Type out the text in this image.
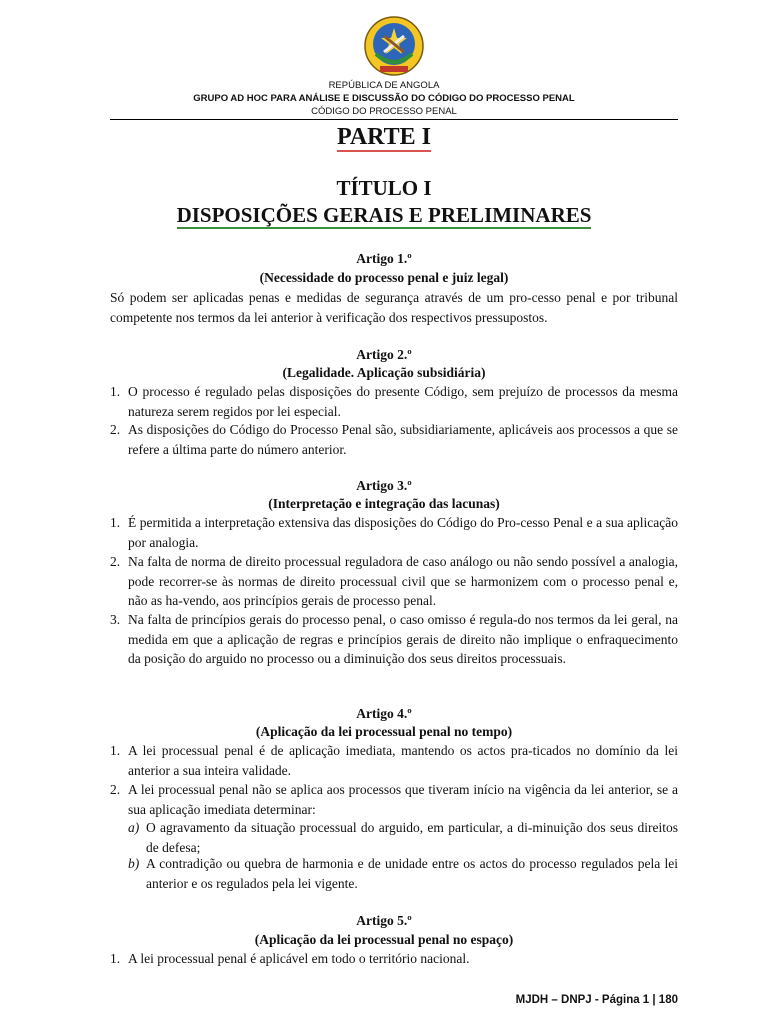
REPÚBLICA DE ANGOLA
GRUPO AD HOC PARA ANÁLISE E DISCUSSÃO DO CÓDIGO DO PROCESSO PENAL
CÓDIGO DO PROCESSO PENAL
PARTE I
TÍTULO I
DISPOSIÇÕES GERAIS E PRELIMINARES
Artigo 1.º
(Necessidade do processo penal e juiz legal)
Só podem ser aplicadas penas e medidas de segurança através de um pro-cesso penal e por tribunal competente nos termos da lei anterior à verificação dos respectivos pressupostos.
Artigo 2.º
(Legalidade. Aplicação subsidiária)
1. O processo é regulado pelas disposições do presente Código, sem prejuízo de processos da mesma natureza serem regidos por lei especial.
2. As disposições do Código do Processo Penal são, subsidiariamente, aplicáveis aos processos a que se refere a última parte do número anterior.
Artigo 3.º
(Interpretação e integração das lacunas)
1. É permitida a interpretação extensiva das disposições do Código do Pro-cesso Penal e a sua aplicação por analogia.
2. Na falta de norma de direito processual reguladora de caso análogo ou não sendo possível a analogia, pode recorrer-se às normas de direito processual civil que se harmonizem com o processo penal e, não as ha-vendo, aos princípios gerais de processo penal.
3. Na falta de princípios gerais do processo penal, o caso omisso é regula-do nos termos da lei geral, na medida em que a aplicação de regras e princípios gerais de direito não implique o enfraquecimento da posição do arguido no processo ou a diminuição dos seus direitos processuais.
Artigo 4.º
(Aplicação da lei processual penal no tempo)
1. A lei processual penal é de aplicação imediata, mantendo os actos pra-ticados no domínio da lei anterior a sua inteira validade.
2. A lei processual penal não se aplica aos processos que tiveram início na vigência da lei anterior, se a sua aplicação imediata determinar:
a) O agravamento da situação processual do arguido, em particular, a di-minuição dos seus direitos de defesa;
b) A contradição ou quebra de harmonia e de unidade entre os actos do processo regulados pela lei anterior e os regulados pela lei vigente.
Artigo 5.º
(Aplicação da lei processual penal no espaço)
1. A lei processual penal é aplicável em todo o território nacional.
MJDH – DNPJ - Página 1 | 180
